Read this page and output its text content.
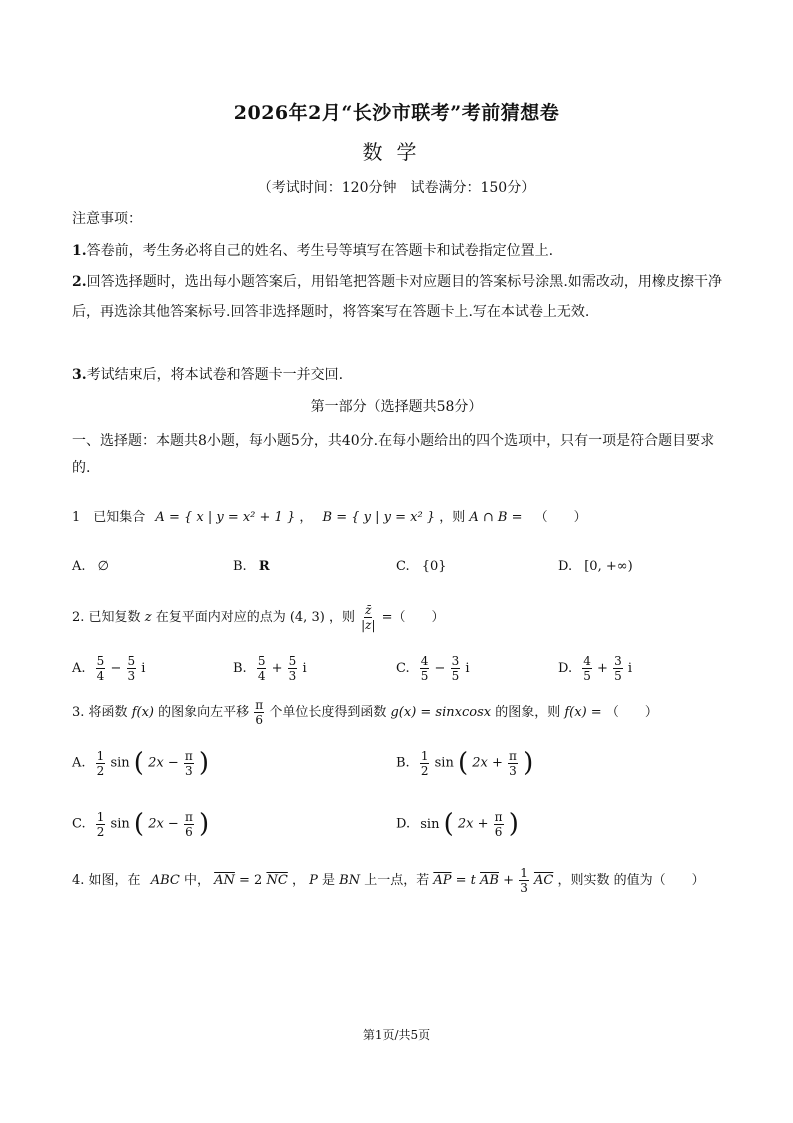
2026年2月“长沙市联考”考前猜想卷
数学
（考试时间：120分钟　试卷满分：150分）
注意事项：
1.答卷前，考生务必将自己的姓名、考生号等填写在答题卡和试卷指定位置上.
2.回答选择题时，选出每小题答案后，用铅笔把答题卡对应题目的答案标号涂黑.如需改动，用橡皮擦干净后，再选涂其他答案标号.回答非选择题时，将答案写在答题卡上.写在本试卷上无效.
3.考试结束后，将本试卷和答题卡一并交回.
第一部分（选择题共58分）
一、选择题：本题共8小题，每小题5分，共40分.在每小题给出的四个选项中，只有一项是符合题目要求的.
1　已知集合 A = { x | y = x² + 1 } ， B = { y | y = x² } ，则 A ∩ B = （　　）
A. ∅	B. R	C. {0}	D. [0, +∞)
2. 已知复数 z 在复平面内对应的点为 (4, 3) ，则 $\frac{z̄}{|z|}$ =（　　）
A. $\frac{5}{4} - \frac{5}{3}$ i	B. $\frac{5}{4} + \frac{5}{3}$ i	C. $\frac{4}{5} - \frac{3}{5}$ i	D. $\frac{4}{5} + \frac{3}{5}$ i
3. 将函数 f(x) 的图象向左平移 $\frac{\pi}{6}$ 个单位长度得到函数 g(x) = sinxcosx 的图象，则 f(x) = （　　）
A. $\frac{1}{2}$ sin ( $2x - \frac{\pi}{3}$ )	B. $\frac{1}{2}$ sin ( $2x + \frac{\pi}{3}$ )
C. $\frac{1}{2}$ sin ( $2x - \frac{\pi}{6}$ )	D. sin ( $2x + \frac{\pi}{6}$ )
4. 如图，在 ABC 中， $\overline{AN} = 2$ $\overline{NC}$ ， P 是 BN 上一点，若 $\overline{AP} = t$ $\overline{AB} + \frac{1}{3} \overline{AC}$ ，则实数 的值为（　　）
第1页/共5页
